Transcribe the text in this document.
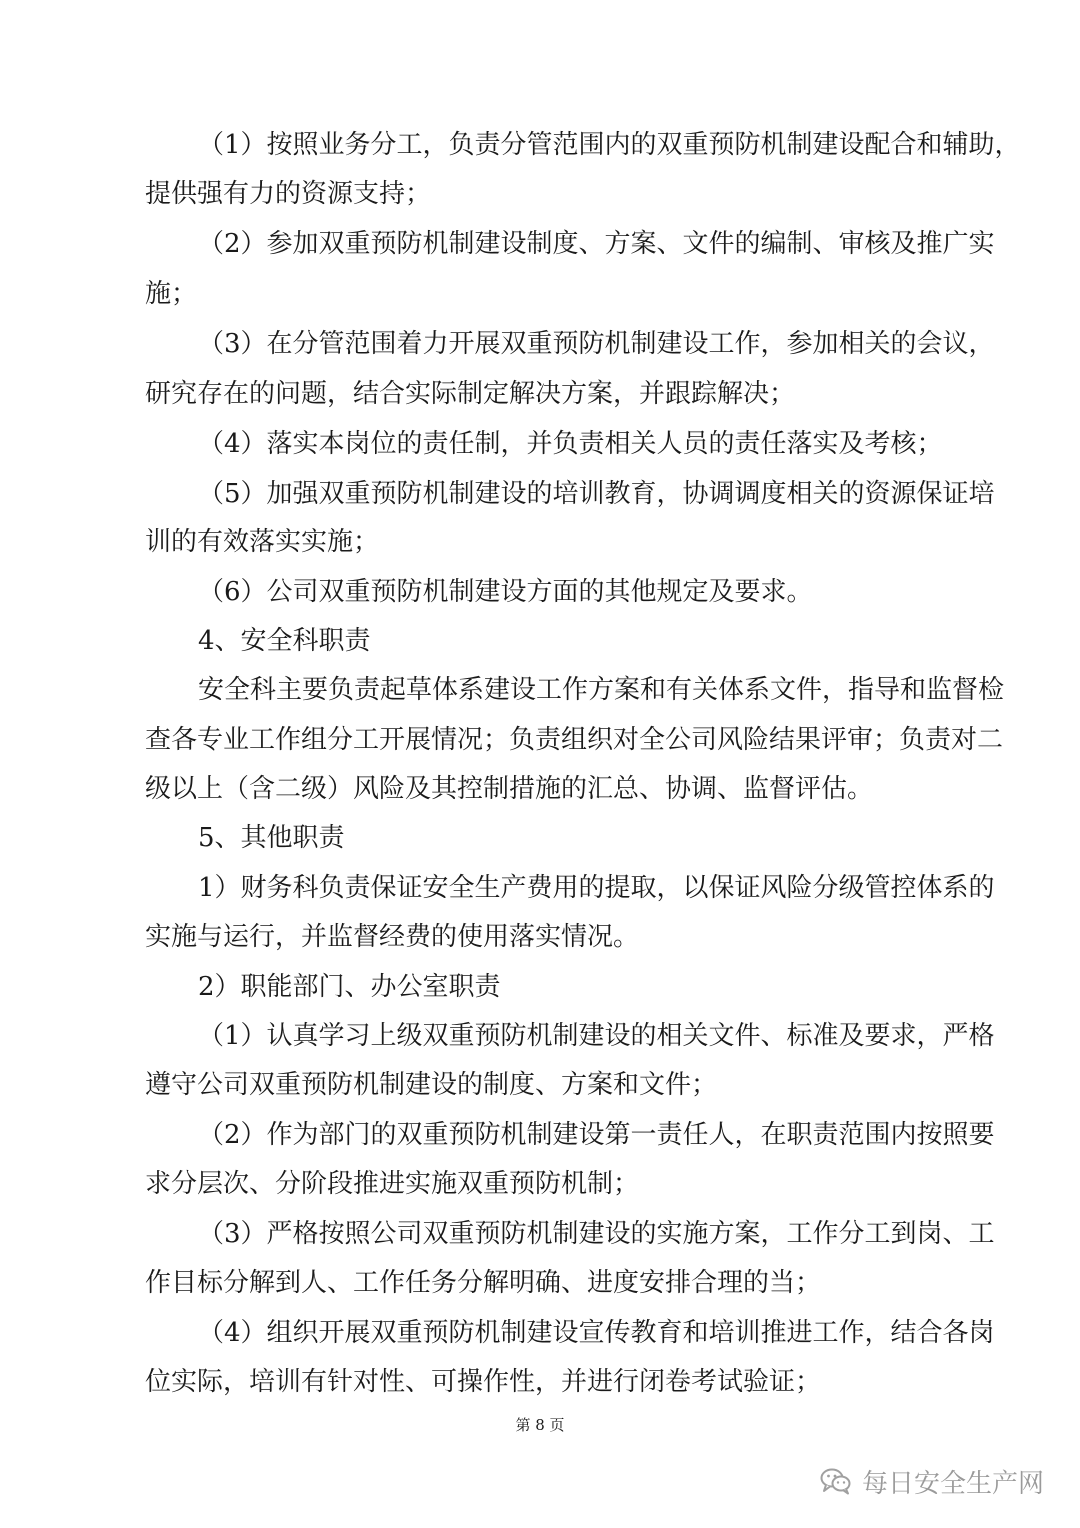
（1）按照业务分工，负责分管范围内的双重预防机制建设配合和辅助，
提供强有力的资源支持；
（2）参加双重预防机制建设制度、方案、文件的编制、审核及推广实
施；
（3）在分管范围着力开展双重预防机制建设工作，参加相关的会议，
研究存在的问题，结合实际制定解决方案，并跟踪解决；
（4）落实本岗位的责任制，并负责相关人员的责任落实及考核；
（5）加强双重预防机制建设的培训教育，协调调度相关的资源保证培
训的有效落实实施；
（6）公司双重预防机制建设方面的其他规定及要求。
4、安全科职责
安全科主要负责起草体系建设工作方案和有关体系文件，指导和监督检
查各专业工作组分工开展情况；负责组织对全公司风险结果评审；负责对二
级以上（含二级）风险及其控制措施的汇总、协调、监督评估。
5、其他职责
1）财务科负责保证安全生产费用的提取，以保证风险分级管控体系的
实施与运行，并监督经费的使用落实情况。
2）职能部门、办公室职责
（1）认真学习上级双重预防机制建设的相关文件、标准及要求，严格
遵守公司双重预防机制建设的制度、方案和文件；
（2）作为部门的双重预防机制建设第一责任人，在职责范围内按照要
求分层次、分阶段推进实施双重预防机制；
（3）严格按照公司双重预防机制建设的实施方案，工作分工到岗、工
作目标分解到人、工作任务分解明确、进度安排合理的当；
（4）组织开展双重预防机制建设宣传教育和培训推进工作，结合各岗
位实际，培训有针对性、可操作性，并进行闭卷考试验证；
第 8 页
每日安全生产网
